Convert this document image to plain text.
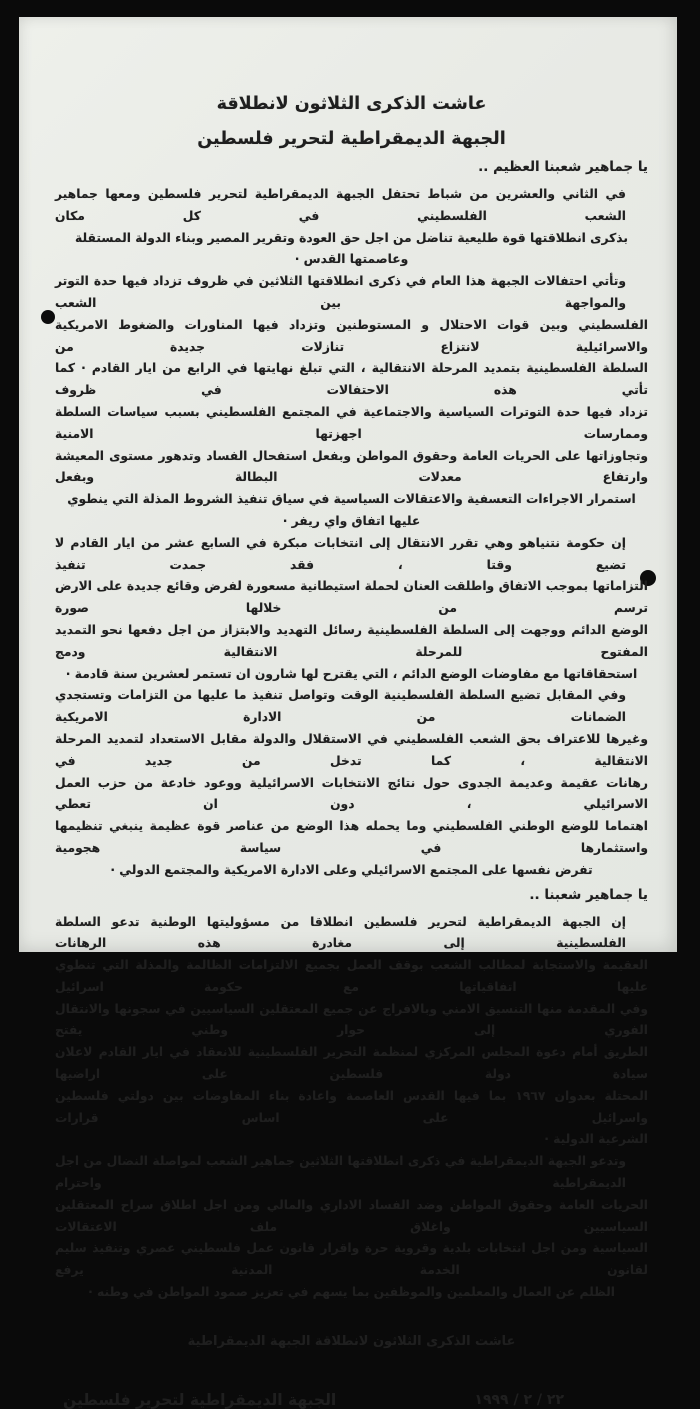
عاشت الذكرى الثلاثون لانطلاقة
الجبهة الديمقراطية لتحرير فلسطين
يا جماهير شعبنا العظيم ..
في الثاني والعشرين من شباط تحتفل الجبهة الديمقراطية لتحرير فلسطين ومعها جماهير الشعب الفلسطيني في كل مكان
بذكرى انطلاقتها قوة طليعية تناضل من اجل حق العودة وتقرير المصير وبناء الدولة المستقلة وعاصمتها القدس ·
وتأتي احتفالات الجبهة هذا العام في ذكرى انطلاقتها الثلاثين في ظروف تزداد فيها حدة التوتر والمواجهة بين الشعب
الفلسطيني وبين قوات الاحتلال و المستوطنين وتزداد فيها المناورات والضغوط الامريكية والاسرائيلية لانتزاع تنازلات جديدة من
السلطة الفلسطينية بتمديد المرحلة الانتقالية ، التي تبلغ نهايتها في الرابع من ايار القادم · كما تأتي هذه الاحتفالات في ظروف
تزداد فيها حدة التوترات السياسية والاجتماعية في المجتمع الفلسطيني بسبب سياسات السلطة وممارسات اجهزتها الامنية
وتجاوزاتها على الحريات العامة وحقوق المواطن وبفعل استفحال الفساد وتدهور مستوى المعيشة وارتفاع معدلات البطالة وبفعل
استمرار الاجراءات التعسفية والاعتقالات السياسية في سياق تنفيذ الشروط المذلة التي ينطوي عليها اتفاق واي ريفر ·
إن حكومة نتنياهو وهي تقرر الانتقال إلى انتخابات مبكرة في السابع عشر من ايار القادم لا تضيع وقتا ، فقد جمدت تنفيذ
التزاماتها بموجب الاتفاق واطلقت العنان لحملة استيطانية مسعورة لفرض وقائع جديدة على الارض ترسم من خلالها صورة
الوضع الدائم ووجهت إلى السلطة الفلسطينية رسائل التهديد والابتزاز من اجل دفعها نحو التمديد المفتوح للمرحلة الانتقالية ودمج
استحقاقاتها مع مفاوضات الوضع الدائم ، التي يقترح لها شارون ان تستمر لعشرين سنة قادمة ·
وفي المقابل تضيع السلطة الفلسطينية الوقت وتواصل تنفيذ ما عليها من التزامات وتستجدي الضمانات من الادارة الامريكية
وغيرها للاعتراف بحق الشعب الفلسطيني في الاستقلال والدولة مقابل الاستعداد لتمديد المرحلة الانتقالية ، كما تدخل من جديد في
رهانات عقيمة وعديمة الجدوى حول نتائج الانتخابات الاسرائيلية ووعود خادعة من حزب العمل الاسرائيلي ، دون ان تعطي
اهتماما للوضع الوطني الفلسطيني وما يحمله هذا الوضع من عناصر قوة عظيمة ينبغي تنظيمها واستثمارها في سياسة هجومية
تفرض نفسها على المجتمع الاسرائيلي وعلى الادارة الامريكية والمجتمع الدولي ·
يا جماهير شعبنا ..
إن الجبهة الديمقراطية لتحرير فلسطين انطلاقا من مسؤوليتها الوطنية تدعو السلطة الفلسطينية إلى مغادرة هذه الرهانات
العقيمة والاستجابة لمطالب الشعب بوقف العمل بجميع الالتزامات الظالمة والمذلة التي تنطوي عليها اتفاقياتها مع حكومة اسرائيل
وفي المقدمة منها التنسيق الامني وبالافراج عن جميع المعتقلين السياسيين في سجونها والانتقال الفوري إلى حوار وطني يفتح
الطريق أمام دعوة المجلس المركزي لمنظمة التحرير الفلسطينية للانعقاد في ايار القادم لاعلان سيادة دولة فلسطين على اراضيها
المحتلة بعدوان ١٩٦٧ بما فيها القدس العاصمة واعادة بناء المفاوضات بين دولتي فلسطين واسرائيل على اساس قرارات
الشرعية الدولية ·
وتدعو الجبهة الديمقراطية في ذكرى انطلاقتها الثلاثين جماهير الشعب لمواصلة النضال من اجل الديمقراطية واحترام
الحريات العامة وحقوق المواطن وضد الفساد الاداري والمالي ومن اجل اطلاق سراح المعتقلين السياسيين واغلاق ملف الاعتقالات
السياسية ومن اجل انتخابات بلدية وقروية حرة واقرار قانون عمل فلسطيني عصري وتنفيذ سليم لقانون الخدمة المدنية يرفع
الظلم عن العمال والمعلمين والموظفين بما يسهم في تعزيز صمود المواطن في وطنه ·
عاشت الذكرى الثلاثون لانطلاقة الجبهة الديمقراطية
٢٢ / ٢ / ١٩٩٩
الجبهة الديمقراطية لتحرير فلسطين
